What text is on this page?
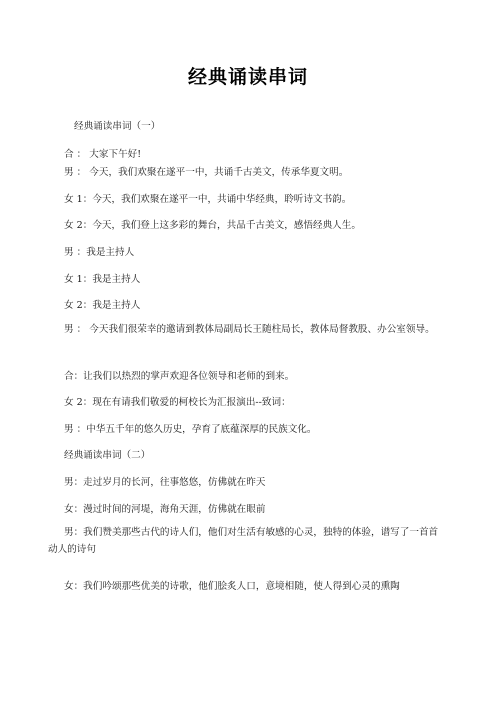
经典诵读串词
经典诵读串词（一）
合 ： 大家下午好!
男 ： 今天，我们欢聚在遂平一中，共诵千古美文，传承华夏文明。
女 1：今天，我们欢聚在遂平一中，共诵中华经典，聆听诗文书韵。
女 2：今天，我们登上这多彩的舞台，共品千古美文，感悟经典人生。
男 ：我是主持人
女 1：我是主持人
女 2：我是主持人
男 ： 今天我们很荣幸的邀请到教体局副局长王随柱局长，教体局督教股、办公室领导。
合：让我们以热烈的掌声欢迎各位领导和老师的到来。
女 2：现在有请我们敬爱的柯校长为汇报演出--致词：
男 ：中华五千年的悠久历史，孕育了底蕴深厚的民族文化。
经典诵读串词（二）
男：走过岁月的长河，往事悠悠，仿佛就在昨天
女：漫过时间的河堤，海角天涯，仿佛就在眼前
男：我们赞美那些古代的诗人们，他们对生活有敏感的心灵，独特的体验，谱写了一首首动人的诗句
女：我们吟颂那些优美的诗歌，他们脍炙人口，意境相随，使人得到心灵的熏陶
